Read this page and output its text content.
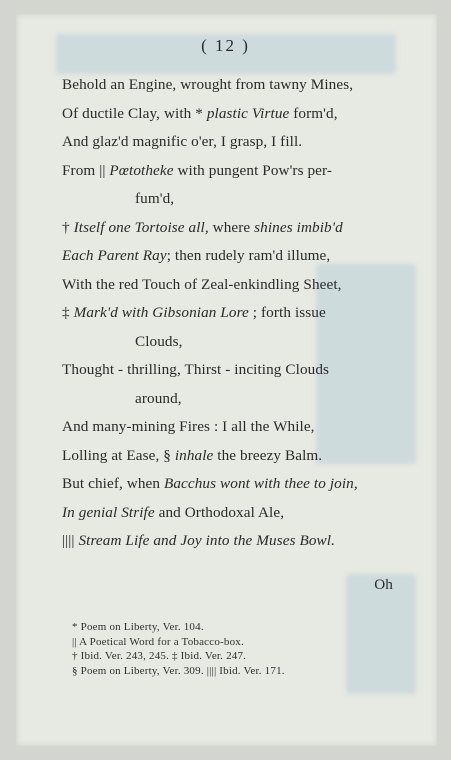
( 12 )
Behold an Engine, wrought from tawny Mines,
Of ductile Clay, with * plastic Virtue form'd,
And glaz'd magnific o'er, I grasp, I fill.
From || Pœtotheke with pungent Pow'rs per-
fum'd,
† Itself one Tortoise all, where shines imbib'd
Each Parent Ray; then rudely ram'd illume,
With the red Touch of Zeal-enkindling Sheet,
‡ Mark'd with Gibsonian Lore ; forth issue
Clouds,
Thought - thrilling, Thirst - inciting Clouds
around,
And many-mining Fires : I all the While,
Lolling at Ease, § inhale the breezy Balm.
But chief, when Bacchus wont with thee to join,
In genial Strife and Orthodoxal Ale,
|||| Stream Life and Joy into the Muses Bowl.
Oh
* Poem on Liberty, Ver. 104.
|| A Poetical Word for a Tobacco-box.
† Ibid. Ver. 243, 245. ‡ Ibid. Ver. 247.
§ Poem on Liberty, Ver. 309. |||| Ibid. Ver. 171.
